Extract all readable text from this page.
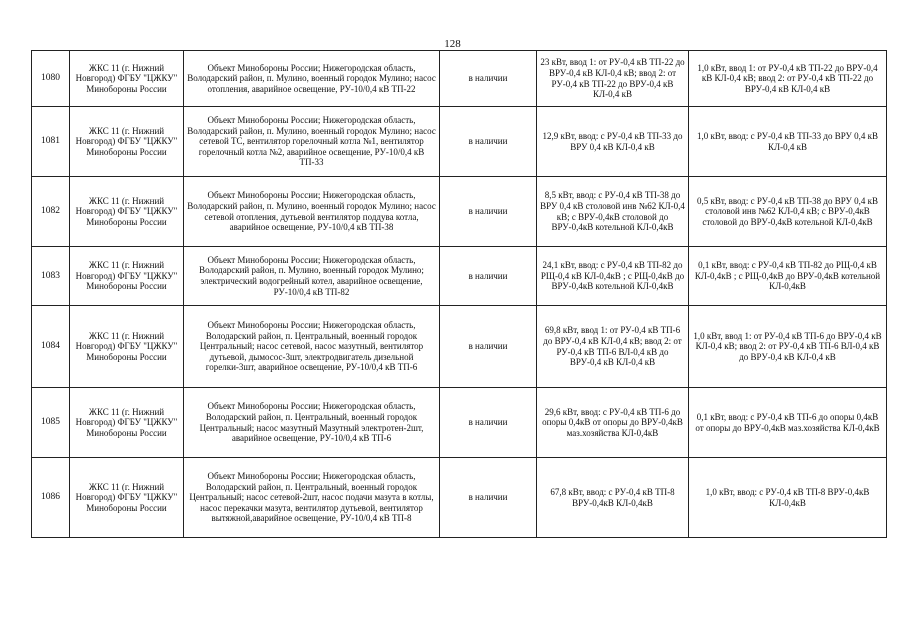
128
1080	ЖКС 11 (г. Нижний Новгород) ФГБУ "ЦЖКУ" Минобороны России	Объект Минобороны России; Нижегородская область, Володарский район, п. Мулино, военный городок Мулино; насос отопления, аварийное освещение, РУ-10/0,4 кВ ТП-22	в наличии	23 кВт, ввод 1: от РУ-0,4 кВ ТП-22 до ВРУ-0,4 кВ КЛ-0,4 кВ; ввод 2: от РУ-0,4 кВ ТП-22 до ВРУ-0,4 кВ КЛ-0,4 кВ	1,0 кВт, ввод 1: от РУ-0,4 кВ ТП-22 до ВРУ-0,4 кВ КЛ-0,4 кВ; ввод 2: от РУ-0,4 кВ ТП-22 до ВРУ-0,4 кВ КЛ-0,4 кВ
1081	ЖКС 11 (г. Нижний Новгород) ФГБУ "ЦЖКУ" Минобороны России	Объект Минобороны России; Нижегородская область, Володарский район, п. Мулино, военный городок Мулино; насос сетевой ТС, вентилятор горелочный котла №1, вентилятор горелочный котла №2, аварийное освещение, РУ-10/0,4 кВ ТП-33	в наличии	12,9 кВт, ввод: с РУ-0,4 кВ ТП-33 до ВРУ 0,4 кВ КЛ-0,4 кВ	1,0 кВт, ввод: с РУ-0,4 кВ ТП-33 до ВРУ 0,4 кВ КЛ-0,4 кВ
1082	ЖКС 11 (г. Нижний Новгород) ФГБУ "ЦЖКУ" Минобороны России	Объект Минобороны России; Нижегородская область, Володарский район, п. Мулино, военный городок Мулино; насос сетевой отопления, дутьевой вентилятор поддува котла, аварийное освещение, РУ-10/0,4 кВ ТП-38	в наличии	8,5 кВт, ввод: с РУ-0,4 кВ ТП-38 до ВРУ 0,4 кВ столовой инв №62 КЛ-0,4 кВ; с ВРУ-0,4кВ столовой до ВРУ-0,4кВ котельной КЛ-0,4кВ	0,5 кВт, ввод: с РУ-0,4 кВ ТП-38 до ВРУ 0,4 кВ столовой инв №62 КЛ-0,4 кВ; с ВРУ-0,4кВ столовой до ВРУ-0,4кВ котельной КЛ-0,4кВ
1083	ЖКС 11 (г. Нижний Новгород) ФГБУ "ЦЖКУ" Минобороны России	Объект Минобороны России; Нижегородская область, Володарский район, п. Мулино, военный городок Мулино; электрический водогрейный котел, аварийное освещение, РУ-10/0,4 кВ ТП-82	в наличии	24,1 кВт, ввод: с РУ-0,4 кВ ТП-82 до РЩ-0,4 кВ КЛ-0,4кВ ; с РЩ-0,4кВ до ВРУ-0,4кВ котельной КЛ-0,4кВ	0,1 кВт, ввод: с РУ-0,4 кВ ТП-82 до РЩ-0,4 кВ КЛ-0,4кВ ; с РЩ-0,4кВ до ВРУ-0,4кВ котельной КЛ-0,4кВ
1084	ЖКС 11 (г. Нижний Новгород) ФГБУ "ЦЖКУ" Минобороны России	Объект Минобороны России; Нижегородская область, Володарский район, п. Центральный, военный городок Центральный; насос сетевой, насос мазутный, вентилятор дутьевой, дымосос-3шт, электродвигатель дизельной горелки-3шт, аварийное освещение, РУ-10/0,4 кВ ТП-6	в наличии	69,8 кВт, ввод 1: от РУ-0,4 кВ ТП-6 до ВРУ-0,4 кВ КЛ-0,4 кВ; ввод 2: от РУ-0,4 кВ ТП-6 ВЛ-0,4 кВ до ВРУ-0,4 кВ КЛ-0,4 кВ	1,0 кВт, ввод 1: от РУ-0,4 кВ ТП-6 до ВРУ-0,4 кВ КЛ-0,4 кВ; ввод 2: от РУ-0,4 кВ ТП-6 ВЛ-0,4 кВ до ВРУ-0,4 кВ КЛ-0,4 кВ
1085	ЖКС 11 (г. Нижний Новгород) ФГБУ "ЦЖКУ" Минобороны России	Объект Минобороны России; Нижегородская область, Володарский район, п. Центральный, военный городок Центральный; насос мазутный Мазутный электротен-2шт, аварийное освещение, РУ-10/0,4 кВ ТП-6	в наличии	29,6 кВт, ввод: с РУ-0,4 кВ ТП-6 до опоры 0,4кВ от опоры до ВРУ-0,4кВ маз.хозяйства КЛ-0,4кВ	0,1 кВт, ввод: с РУ-0,4 кВ ТП-6 до опоры 0,4кВ от опоры до ВРУ-0,4кВ маз.хозяйства КЛ-0,4кВ
1086	ЖКС 11 (г. Нижний Новгород) ФГБУ "ЦЖКУ" Минобороны России	Объект Минобороны России; Нижегородская область, Володарский район, п. Центральный, военный городок Центральный; насос сетевой-2шт, насос подачи мазута в котлы, насос перекачки мазута, вентилятор дутьевой, вентилятор вытяжной,аварийное освещение, РУ-10/0,4 кВ ТП-8	в наличии	67,8 кВт, ввод: с РУ-0,4 кВ ТП-8 ВРУ-0,4кВ КЛ-0,4кВ	1,0 кВт, ввод: с РУ-0,4 кВ ТП-8 ВРУ-0,4кВ КЛ-0,4кВ
